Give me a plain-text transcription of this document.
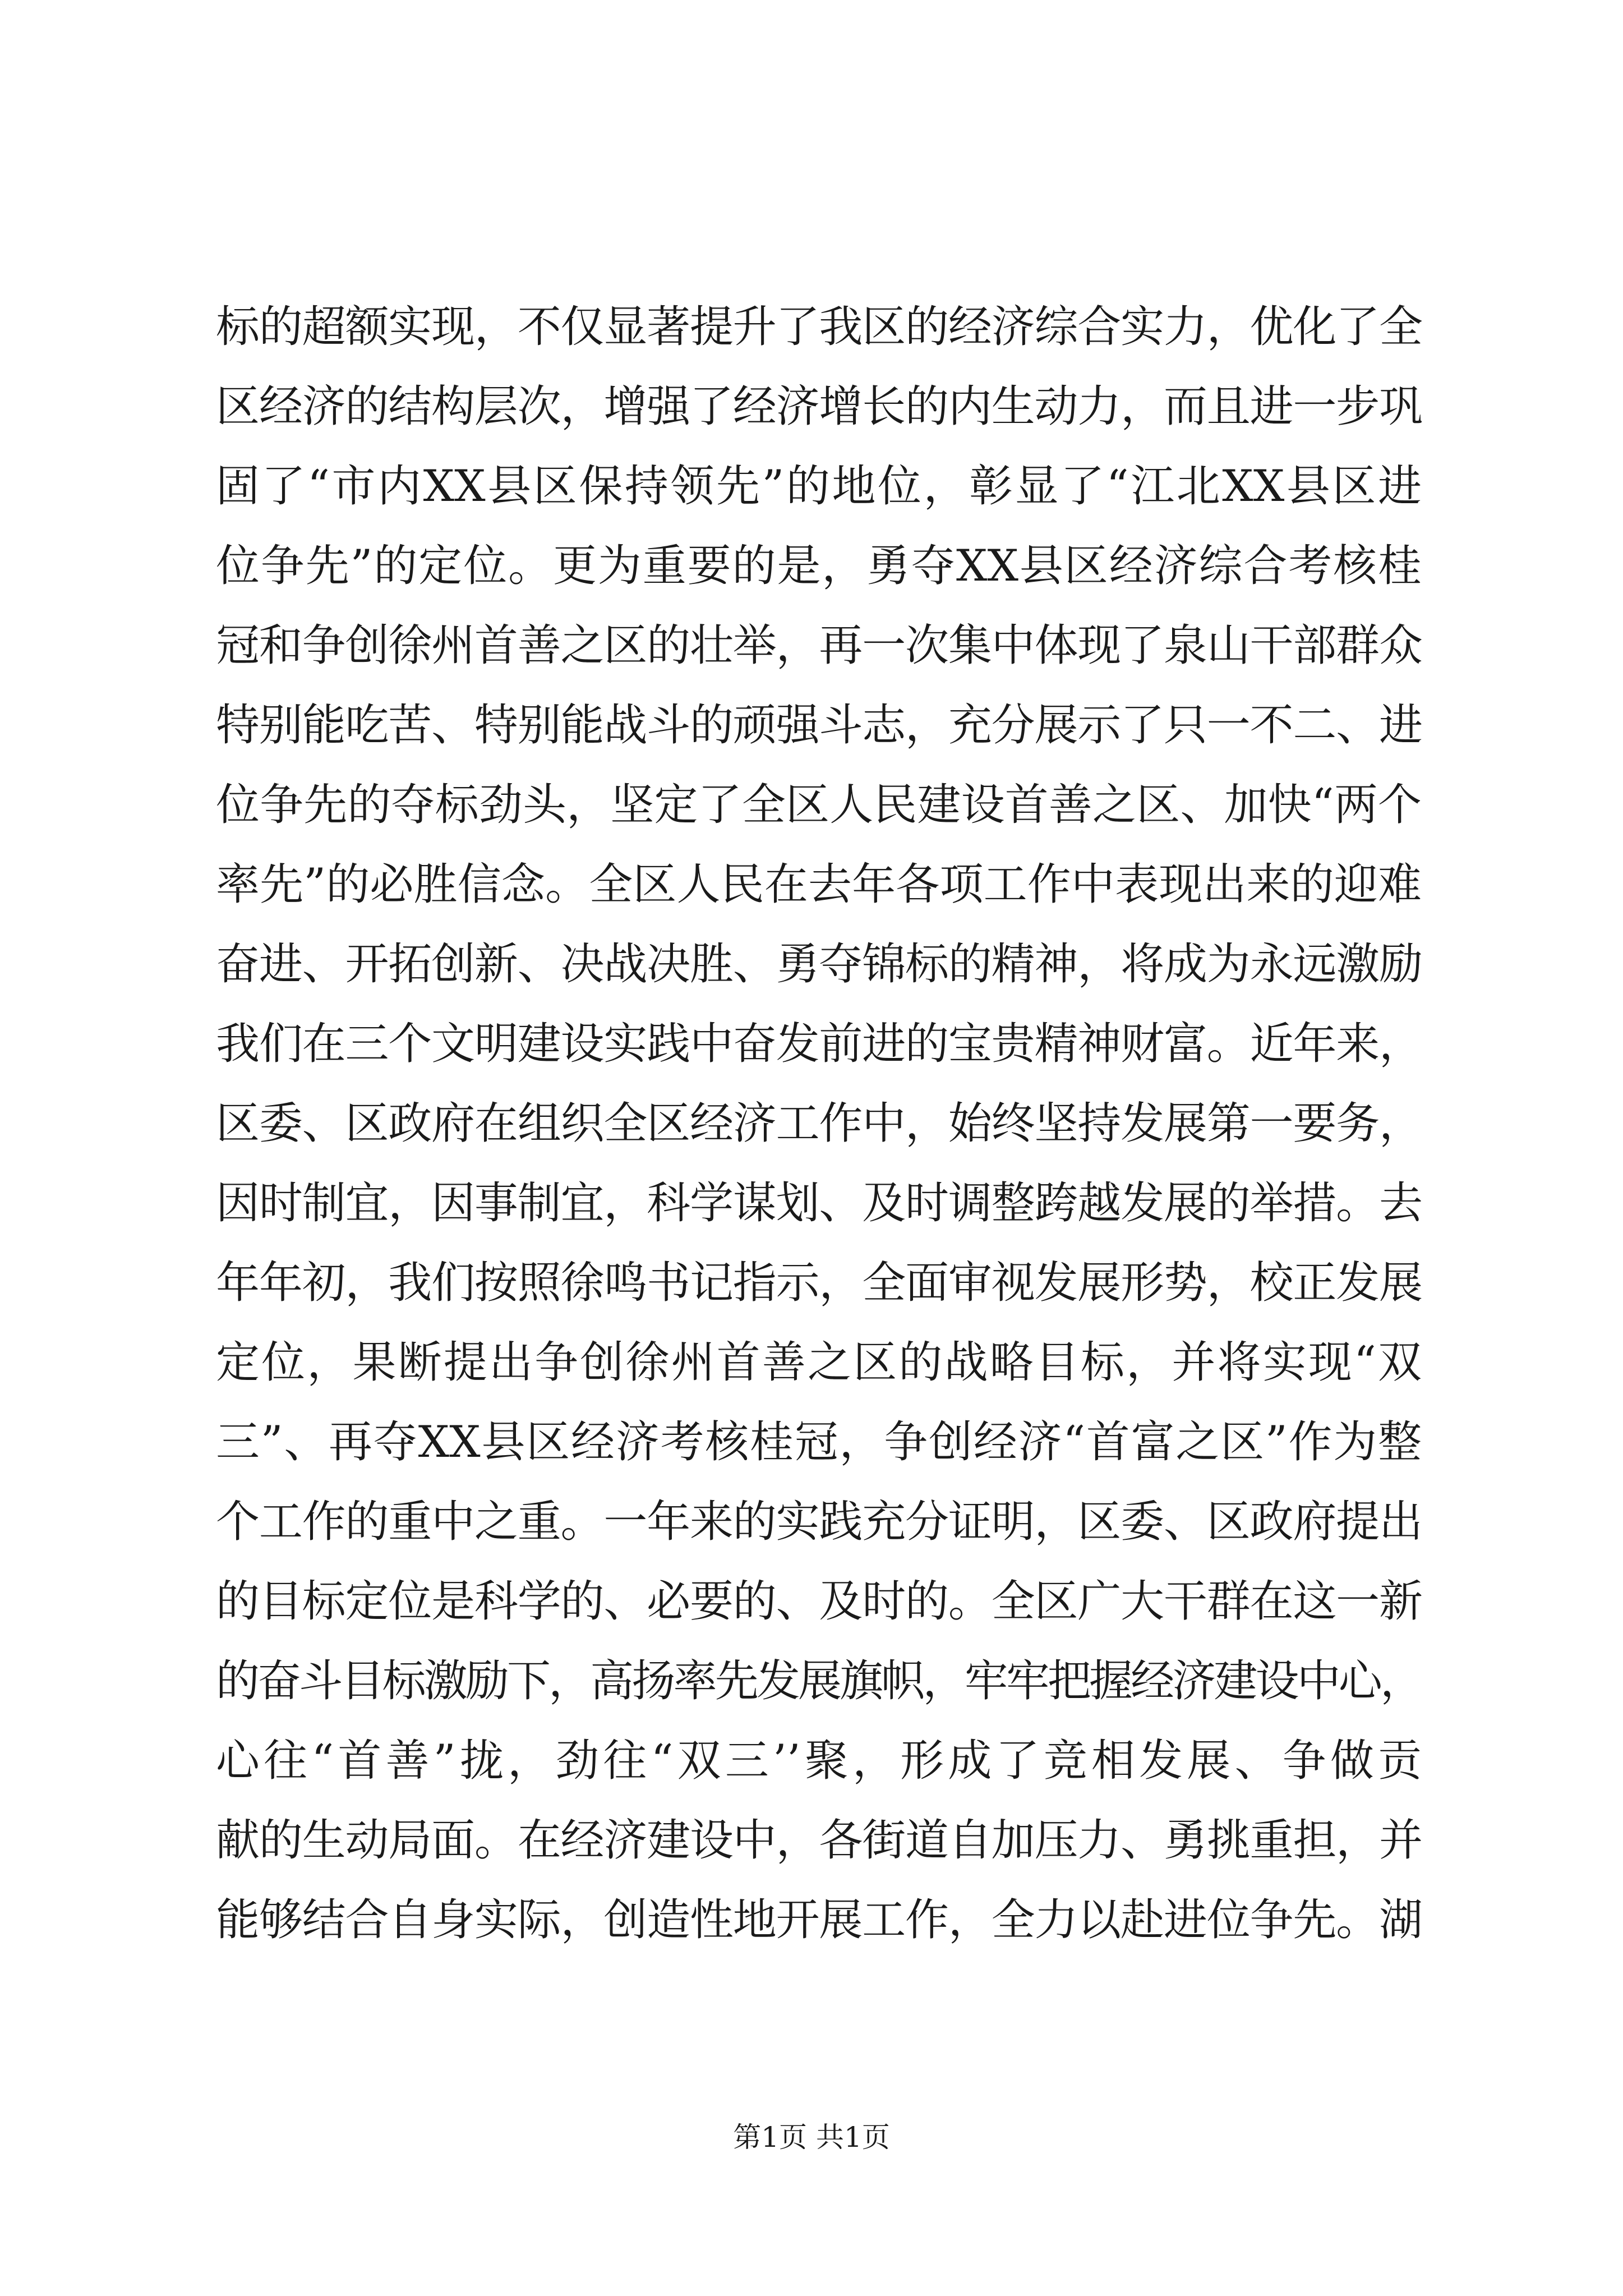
标的超额实现，不仅显著提升了我区的经济综合实力，优化了全
区经济的结构层次，增强了经济增长的内生动力，而且进一步巩
固了“市内XX县区保持领先”的地位，彰显了“江北XX县区进
位争先”的定位。更为重要的是，勇夺XX县区经济综合考核桂
冠和争创徐州首善之区的壮举，再一次集中体现了泉山干部群众
特别能吃苦、特别能战斗的顽强斗志，充分展示了只一不二、进
位争先的夺标劲头，坚定了全区人民建设首善之区、加快“两个
率先”的必胜信念。全区人民在去年各项工作中表现出来的迎难
奋进、开拓创新、决战决胜、勇夺锦标的精神，将成为永远激励
我们在三个文明建设实践中奋发前进的宝贵精神财富。近年来，
区委、区政府在组织全区经济工作中，始终坚持发展第一要务，
因时制宜，因事制宜，科学谋划、及时调整跨越发展的举措。去
年年初，我们按照徐鸣书记指示，全面审视发展形势，校正发展
定位，果断提出争创徐州首善之区的战略目标，并将实现“双
三”、再夺XX县区经济考核桂冠，争创经济“首富之区”作为整
个工作的重中之重。一年来的实践充分证明，区委、区政府提出
的目标定位是科学的、必要的、及时的。全区广大干群在这一新
的奋斗目标激励下，高扬率先发展旗帜，牢牢把握经济建设中心，
心往“首善”拢，劲往“双三’’聚，形成了竞相发展、争做贡
献的生动局面。在经济建设中，各街道自加压力、勇挑重担，并
能够结合自身实际，创造性地开展工作，全力以赴进位争先。湖
第1页 共1页
